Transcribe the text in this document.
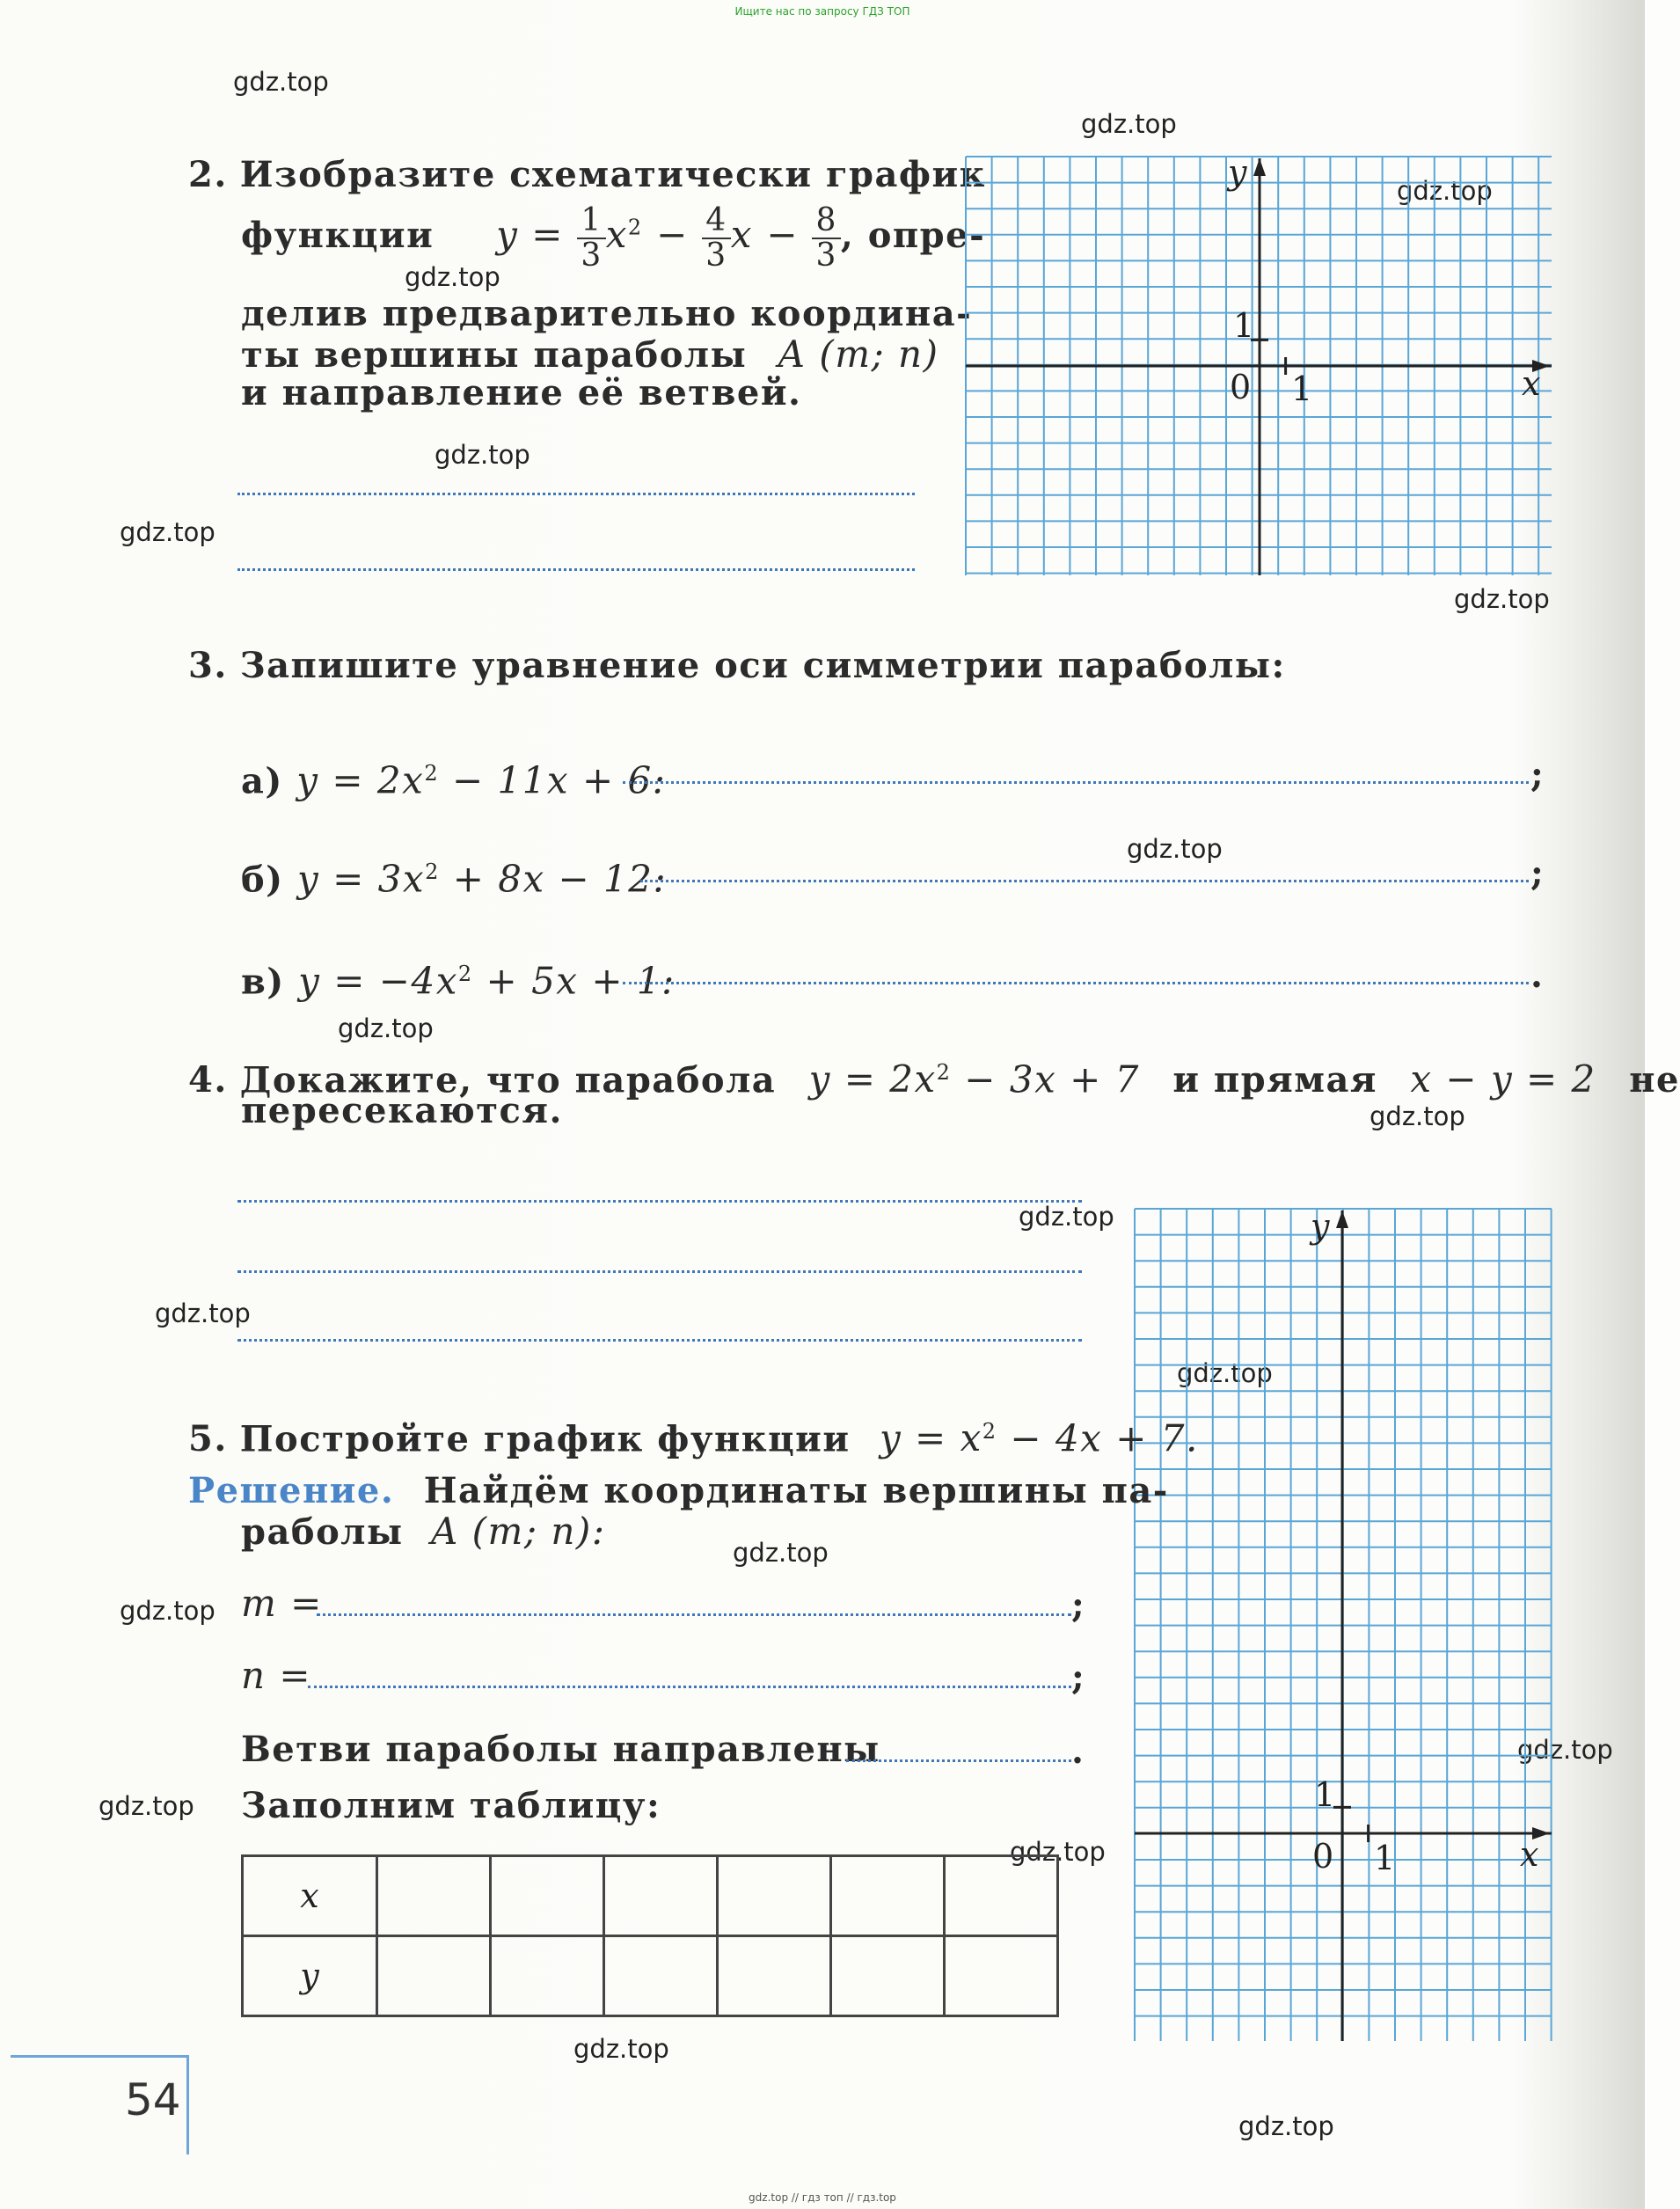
Ищите нас по запросу ГДЗ ТОП
gdz.top
gdz.top
gdz.top
gdz.top
gdz.top
gdz.top
gdz.top
gdz.top
gdz.top
gdz.top
gdz.top
gdz.top
gdz.top
gdz.top
gdz.top
gdz.top
gdz.top
gdz.top
gdz.top
gdz.top
2. Изобразите схематически график
функции $y = \frac{1}{3} x^2 - \frac{4}{3}$ $x - \frac{8}{3}$ , опре-
делив предварительно координа-
ты вершины параболы A (m; n)
и направление её ветвей.
y
1
0 1	x
3. Запишите уравнение оси симметрии параболы:
а) $y = 2x^2 - 11x + 6$:	;
б) $y = 3x^2 + 8x - 12$:	;
в) $y = -4x^2 + 5x + 1$:	.
4. Докажите, что парабола $y = 2x^2 - 3x + 7$ и прямая x − y = 2 не
пересекаются.
y
1
0 1	x
5. Постройте график функции $y = x^2 - 4x + 7$.
Решение. Найдём координаты вершины па-
раболы A (m; n):
m =	;
n =	;
Ветви параболы направлены	.
Заполним таблицу:
x						
y						
54
gdz.top // гдз топ // гдз.top
